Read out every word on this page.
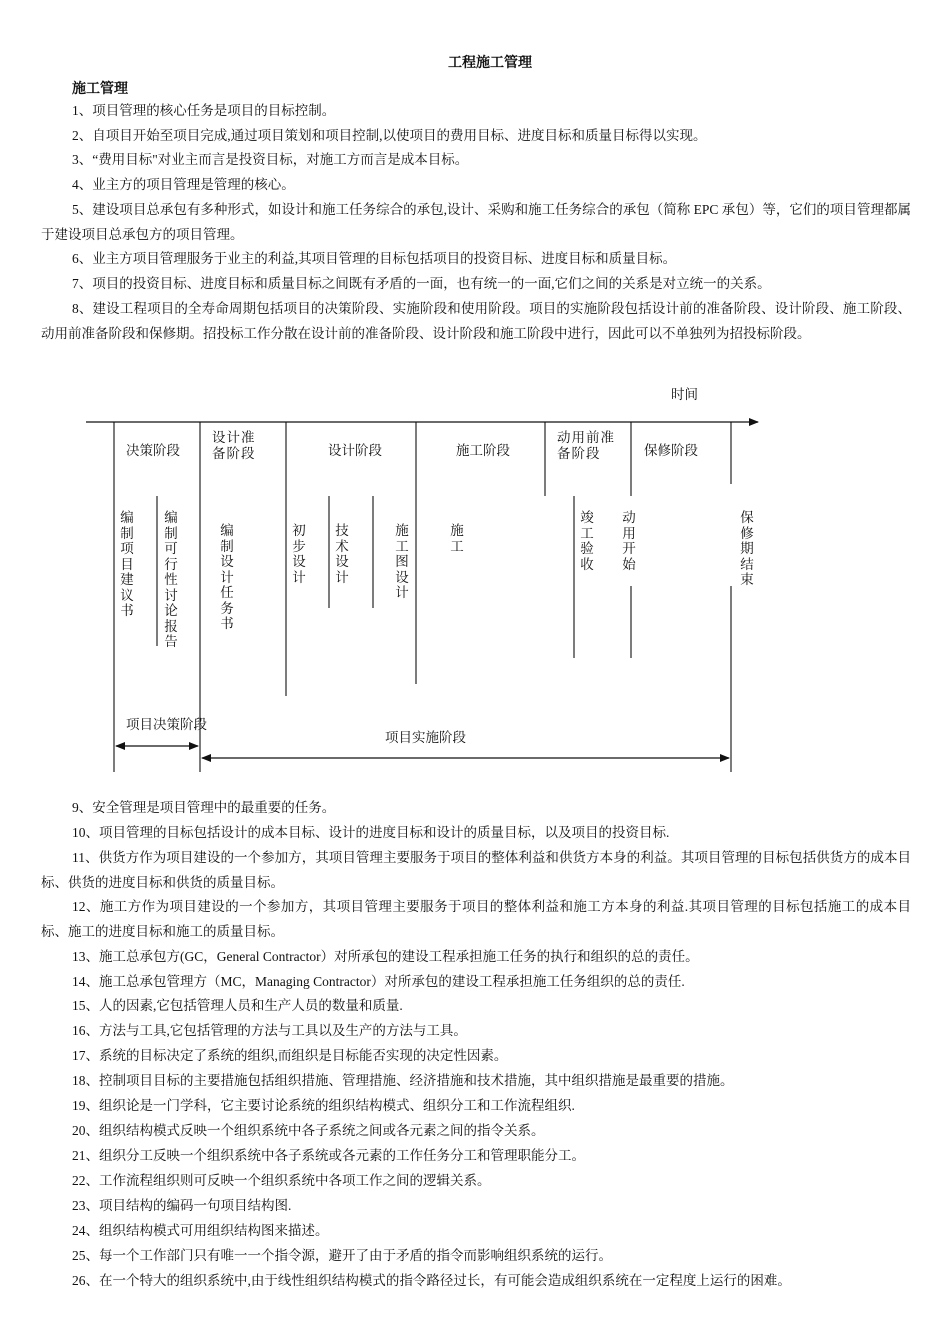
工程施工管理
施工管理
1、项目管理的核心任务是项目的目标控制。
2、自项目开始至项目完成,通过项目策划和项目控制,以使项目的费用目标、进度目标和质量目标得以实现。
3、“费用目标"对业主而言是投资目标，对施工方而言是成本目标。
4、业主方的项目管理是管理的核心。
5、建设项目总承包有多种形式，如设计和施工任务综合的承包,设计、采购和施工任务综合的承包（简称 EPC 承包）等，它们的项目管理都属于建设项目总承包方的项目管理。
6、业主方项目管理服务于业主的利益,其项目管理的目标包括项目的投资目标、进度目标和质量目标。
7、项目的投资目标、进度目标和质量目标之间既有矛盾的一面，也有统一的一面,它们之间的关系是对立统一的关系。
8、建设工程项目的全寿命周期包括项目的决策阶段、实施阶段和使用阶段。项目的实施阶段包括设计前的准备阶段、设计阶段、施工阶段、动用前准备阶段和保修期。招投标工作分散在设计前的准备阶段、设计阶段和施工阶段中进行，因此可以不单独列为招投标阶段。
时间
决策阶段	设计阶段	施工阶段	保修阶段
项目决策阶段
项目实施阶段
设计准备阶段
动用前准备阶段
编制项目建议书
编制可行性讨论报告
编制设计任务书
初步设计
技术设计
施工图设计
施工
竣工验收
动用开始
保修期结束
9、安全管理是项目管理中的最重要的任务。
10、项目管理的目标包括设计的成本目标、设计的进度目标和设计的质量目标，以及项目的投资目标.
11、供货方作为项目建设的一个参加方，其项目管理主要服务于项目的整体利益和供货方本身的利益。其项目管理的目标包括供货方的成本目标、供货的进度目标和供货的质量目标。
12、施工方作为项目建设的一个参加方，其项目管理主要服务于项目的整体利益和施工方本身的利益.其项目管理的目标包括施工的成本目标、施工的进度目标和施工的质量目标。
13、施工总承包方(GC，General Contractor）对所承包的建设工程承担施工任务的执行和组织的总的责任。
14、施工总承包管理方（MC，Managing Contractor）对所承包的建设工程承担施工任务组织的总的责任.
15、人的因素,它包括管理人员和生产人员的数量和质量.
16、方法与工具,它包括管理的方法与工具以及生产的方法与工具。
17、系统的目标决定了系统的组织,而组织是目标能否实现的决定性因素。
18、控制项目目标的主要措施包括组织措施、管理措施、经济措施和技术措施，其中组织措施是最重要的措施。
19、组织论是一门学科，它主要讨论系统的组织结构模式、组织分工和工作流程组织.
20、组织结构模式反映一个组织系统中各子系统之间或各元素之间的指令关系。
21、组织分工反映一个组织系统中各子系统或各元素的工作任务分工和管理职能分工。
22、工作流程组织则可反映一个组织系统中各项工作之间的逻辑关系。
23、项目结构的编码一句项目结构图.
24、组织结构模式可用组织结构图来描述。
25、每一个工作部门只有唯一一个指令源，避开了由于矛盾的指令而影响组织系统的运行。
26、在一个特大的组织系统中,由于线性组织结构模式的指令路径过长，有可能会造成组织系统在一定程度上运行的困难。
